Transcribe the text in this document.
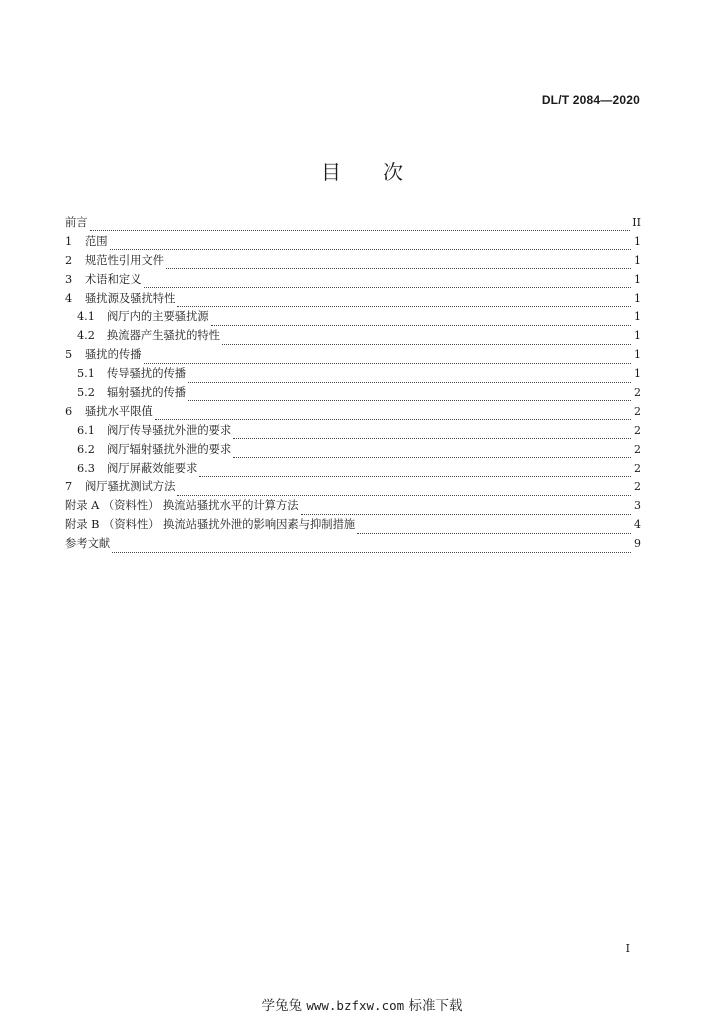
DL/T 2084—2020
目次
前言	II
1	范围	1
2	规范性引用文件	1
3	术语和定义	1
4	骚扰源及骚扰特性	1
4.1	阀厅内的主要骚扰源	1
4.2	换流器产生骚扰的特性	1
5	骚扰的传播	1
5.1	传导骚扰的传播	1
5.2	辐射骚扰的传播	2
6	骚扰水平限值	2
6.1	阀厅传导骚扰外泄的要求	2
6.2	阀厅辐射骚扰外泄的要求	2
6.3	阀厅屏蔽效能要求	2
7	阀厅骚扰测试方法	2
附录 A （资料性） 换流站骚扰水平的计算方法	3
附录 B （资料性） 换流站骚扰外泄的影响因素与抑制措施	4
参考文献	9
I
学兔兔 www.bzfxw.com 标准下载
